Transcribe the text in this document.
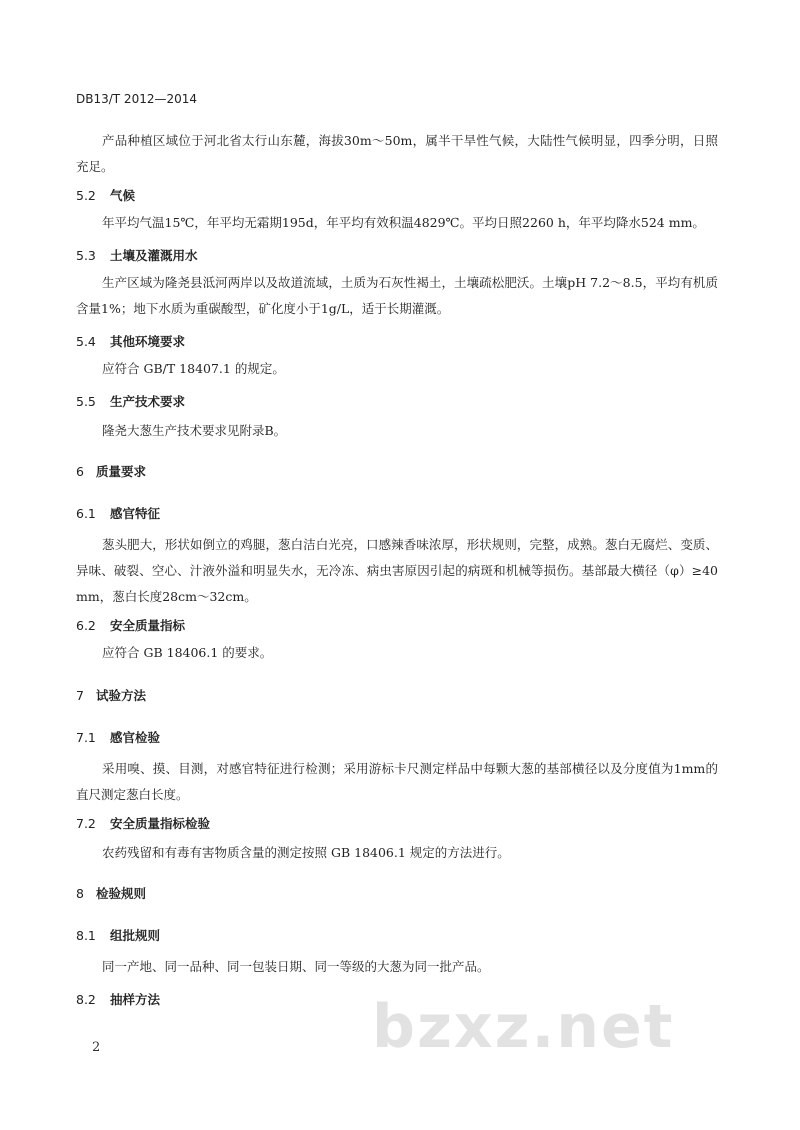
DB13/T 2012—2014
产品种植区域位于河北省太行山东麓，海拔30m～50m，属半干旱性气候，大陆性气候明显，四季分明，日照充足。
5.2 气候
年平均气温15℃，年平均无霜期195d，年平均有效积温4829℃。平均日照2260 h，年平均降水524 mm。
5.3 土壤及灌溉用水
生产区域为隆尧县泜河两岸以及故道流域，土质为石灰性褐土，土壤疏松肥沃。土壤pH 7.2～8.5，平均有机质含量1%；地下水质为重碳酸型，矿化度小于1g/L，适于长期灌溉。
5.4 其他环境要求
应符合 GB/T 18407.1 的规定。
5.5 生产技术要求
隆尧大葱生产技术要求见附录B。
6 质量要求
6.1 感官特征
葱头肥大，形状如倒立的鸡腿，葱白洁白光亮，口感辣香味浓厚，形状规则，完整，成熟。葱白无腐烂、变质、异味、破裂、空心、汁液外溢和明显失水，无冷冻、病虫害原因引起的病斑和机械等损伤。基部最大横径（φ）≥40 mm，葱白长度28cm～32cm。
6.2 安全质量指标
应符合 GB 18406.1 的要求。
7 试验方法
7.1 感官检验
采用嗅、摸、目测，对感官特征进行检测；采用游标卡尺测定样品中每颗大葱的基部横径以及分度值为1mm的直尺测定葱白长度。
7.2 安全质量指标检验
农药残留和有毒有害物质含量的测定按照 GB 18406.1 规定的方法进行。
8 检验规则
8.1 组批规则
同一产地、同一品种、同一包装日期、同一等级的大葱为同一批产品。
8.2 抽样方法
2	bzxz.net
